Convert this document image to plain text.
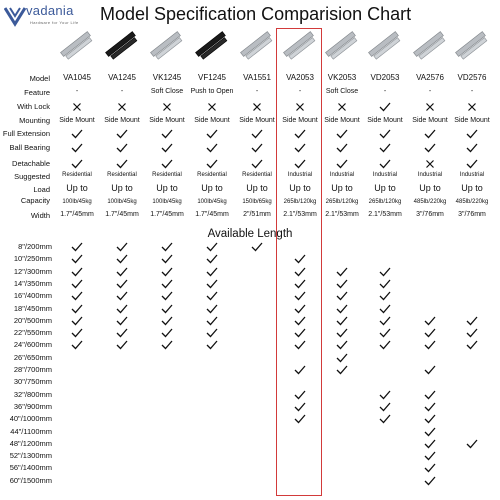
vadania
Hardware for Your Life Model Specification Comparision Chart
Model
Feature
With Lock
Mounting
Full Extension
Ball Bearing
Detachable
Suggested
Load
Capacity
Width
Available Length
VA1045
-
Side Mount
Residential
Up to
100lb/45kg
1.7"/45mm
VA1245
-
Side Mount
Residential
Up to
100lb/45kg
1.7"/45mm
VK1245
Soft Close
Side Mount
Residential
Up to
100lb/45kg
1.7"/45mm
VF1245
Push to Open
Side Mount
Residential
Up to
100lb/45kg
1.7"/45mm
VA1551
-
Side Mount
Residential
Up to
150lb/65kg
2"/51mm
VA2053
-
Side Mount
Industrial
Up to
265lb/120kg
2.1"/53mm
VK2053
Soft Close
Side Mount
Industrial
Up to
265lb/120kg
2.1"/53mm
VD2053
-
Side Mount
Industrial
Up to
265lb/120kg
2.1"/53mm
VA2576
-
Side Mount
Industrial
Up to
485lb/220kg
3"/76mm
VD2576
-
Side Mount
Industrial
Up to
485lb/220kg
3"/76mm
8"/200mm
10"/250mm
12"/300mm
14"/350mm
16"/400mm
18"/450mm
20"/500mm
22"/550mm
24"/600mm
26"/650mm
28"/700mm
30"/750mm
32"/800mm
36"/900mm
40"/1000mm
44"/1100mm
48"/1200mm
52"/1300mm
56"/1400mm
60"/1500mm
